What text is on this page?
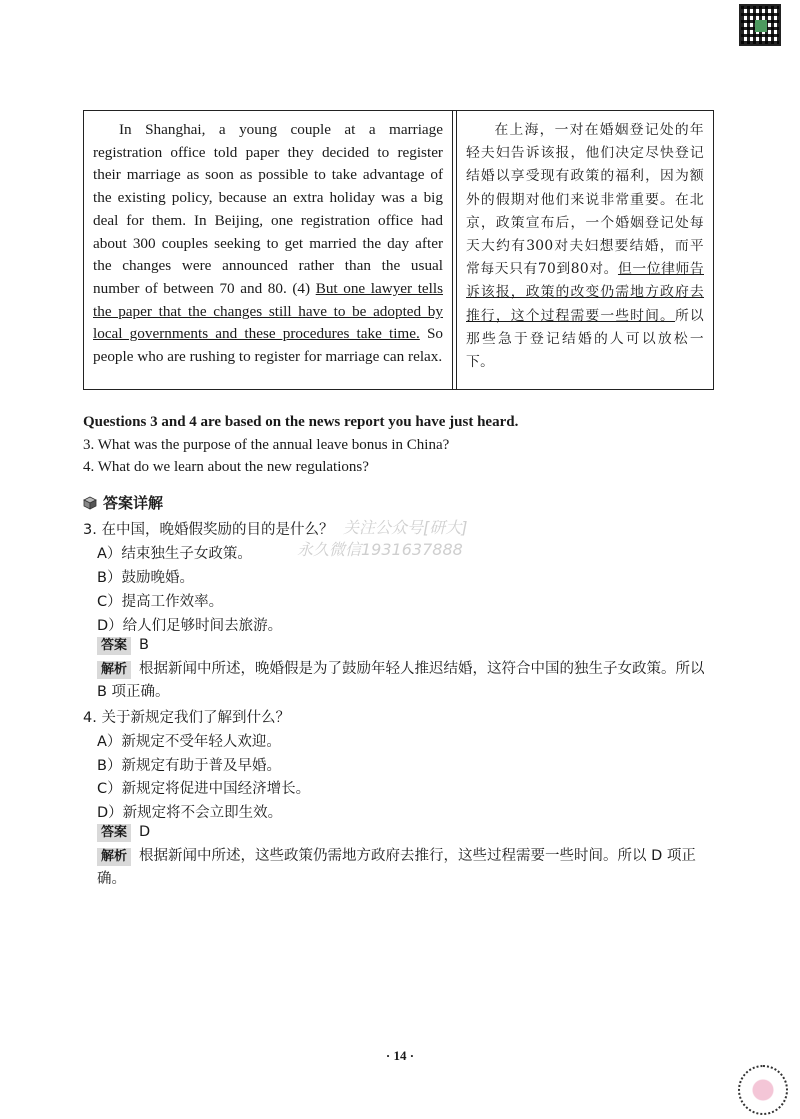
In Shanghai, a young couple at a marriage registration office told paper they decided to register their marriage as soon as possible to take advantage of the existing policy, because an extra holiday was a big deal for them. In Beijing, one registration office had about 300 couples seeking to get married the day after the changes were announced rather than the usual number of between 70 and 80. (4) But one lawyer tells the paper that the changes still have to be adopted by local governments and these procedures take time. So people who are rushing to register for marriage can relax.
在上海，一对在婚姻登记处的年轻夫妇告诉该报，他们决定尽快登记结婚以享受现有政策的福利，因为额外的假期对他们来说非常重要。在北京，政策宣布后，一个婚姻登记处每天大约有300对夫妇想要结婚，而平常每天只有70到80对。但一位律师告诉该报，政策的改变仍需地方政府去推行，这个过程需要一些时间。所以那些急于登记结婚的人可以放松一下。
Questions 3 and 4 are based on the news report you have just heard.
3. What was the purpose of the annual leave bonus in China?
4. What do we learn about the new regulations?
答案详解
关注公众号[研大]
永久微信1931637888
3. 在中国，晚婚假奖励的目的是什么？
A）结束独生子女政策。
B）鼓励晚婚。
C）提高工作效率。
D）给人们足够时间去旅游。
答案 B
解析 根据新闻中所述，晚婚假是为了鼓励年轻人推迟结婚，这符合中国的独生子女政策。所以 B 项正确。
4. 关于新规定我们了解到什么？
A）新规定不受年轻人欢迎。
B）新规定有助于普及早婚。
C）新规定将促进中国经济增长。
D）新规定将不会立即生效。
答案 D
解析 根据新闻中所述，这些政策仍需地方政府去推行，这些过程需要一些时间。所以 D 项正确。
· 14 ·
